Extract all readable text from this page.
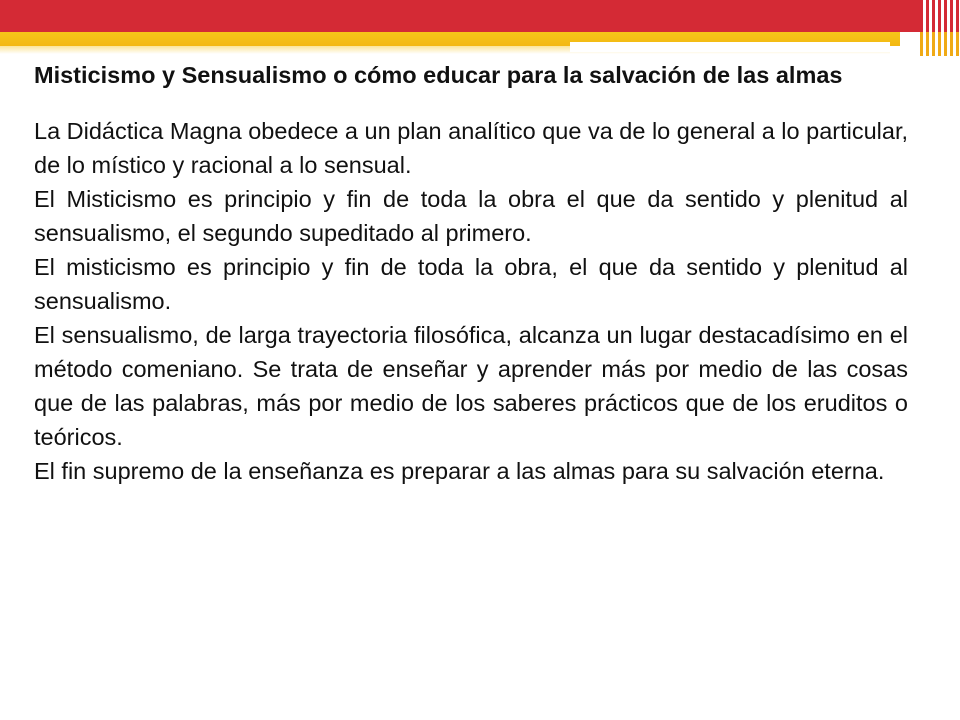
Misticismo y Sensualismo o cómo educar para la salvación de las almas

La Didáctica Magna obedece a un plan analítico que va de lo general a lo particular, de lo místico y racional a lo sensual.

El Misticismo es principio y fin de toda la obra el que da sentido y plenitud al sensualismo, el segundo supeditado al primero.

El misticismo es principio y fin de toda la obra, el que da sentido y plenitud al sensualismo.

El sensualismo, de larga trayectoria filosófica, alcanza un lugar destacadísimo en el método comeniano. Se trata de enseñar y aprender más por medio de las cosas que de las palabras, más por medio de los saberes prácticos que de los eruditos o teóricos.

El fin supremo de la enseñanza es preparar a las almas para su salvación eterna.
